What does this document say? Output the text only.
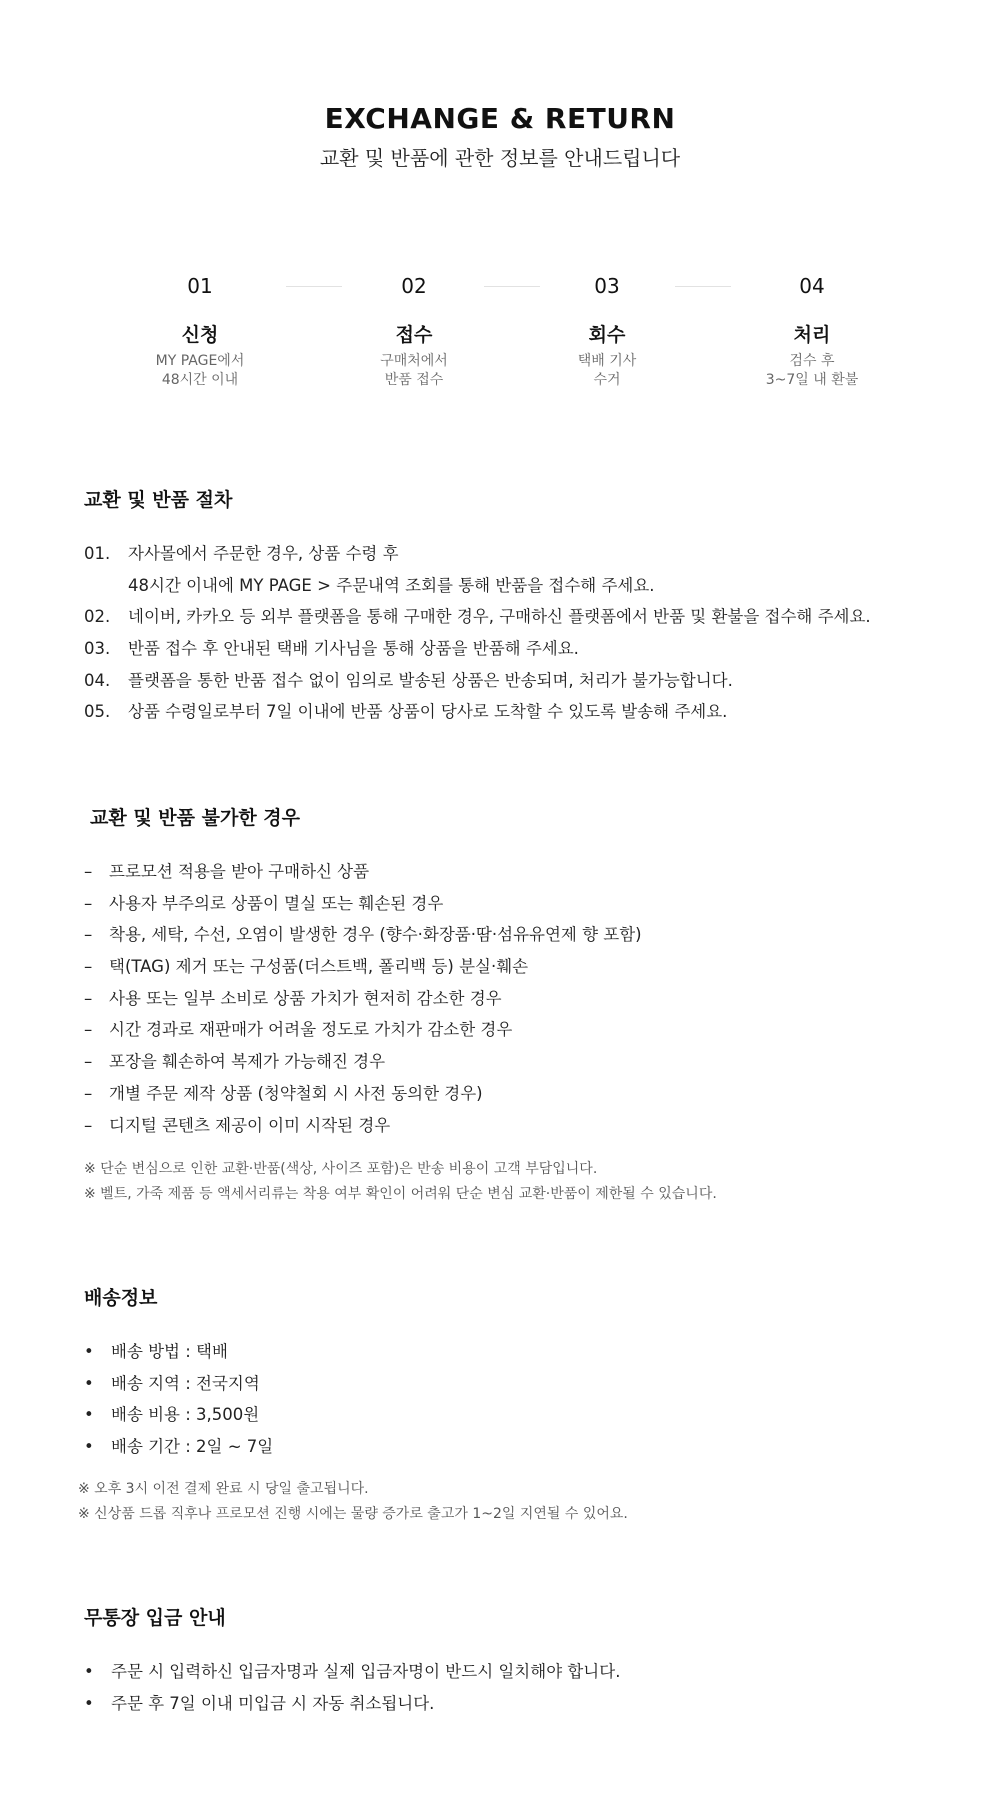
EXCHANGE & RETURN
교환 및 반품에 관한 정보를 안내드립니다
01
신청
MY PAGE에서
48시간 이내
02
접수
구매처에서
반품 접수
03
회수
택배 기사
수거
04
처리
검수 후
3~7일 내 환불
교환 및 반품 절차
01. 자사몰에서 주문한 경우, 상품 수령 후
48시간 이내에 MY PAGE > 주문내역 조회를 통해 반품을 접수해 주세요.
02. 네이버, 카카오 등 외부 플랫폼을 통해 구매한 경우, 구매하신 플랫폼에서 반품 및 환불을 접수해 주세요.
03. 반품 접수 후 안내된 택배 기사님을 통해 상품을 반품해 주세요.
04. 플랫폼을 통한 반품 접수 없이 임의로 발송된 상품은 반송되며, 처리가 불가능합니다.
05. 상품 수령일로부터 7일 이내에 반품 상품이 당사로 도착할 수 있도록 발송해 주세요.
교환 및 반품 불가한 경우
– 프로모션 적용을 받아 구매하신 상품
– 사용자 부주의로 상품이 멸실 또는 훼손된 경우
– 착용, 세탁, 수선, 오염이 발생한 경우 (향수·화장품·땀·섬유유연제 향 포함)
– 택(TAG) 제거 또는 구성품(더스트백, 폴리백 등) 분실·훼손
– 사용 또는 일부 소비로 상품 가치가 현저히 감소한 경우
– 시간 경과로 재판매가 어려울 정도로 가치가 감소한 경우
– 포장을 훼손하여 복제가 가능해진 경우
– 개별 주문 제작 상품 (청약철회 시 사전 동의한 경우)
– 디지털 콘텐츠 제공이 이미 시작된 경우
※ 단순 변심으로 인한 교환·반품(색상, 사이즈 포함)은 반송 비용이 고객 부담입니다.
※ 벨트, 가죽 제품 등 액세서리류는 착용 여부 확인이 어려워 단순 변심 교환·반품이 제한될 수 있습니다.
배송정보
• 배송 방법 : 택배
• 배송 지역 : 전국지역
• 배송 비용 : 3,500원
• 배송 기간 : 2일 ~ 7일
※ 오후 3시 이전 결제 완료 시 당일 출고됩니다.
※ 신상품 드롭 직후나 프로모션 진행 시에는 물량 증가로 출고가 1~2일 지연될 수 있어요.
무통장 입금 안내
• 주문 시 입력하신 입금자명과 실제 입금자명이 반드시 일치해야 합니다.
• 주문 후 7일 이내 미입금 시 자동 취소됩니다.
